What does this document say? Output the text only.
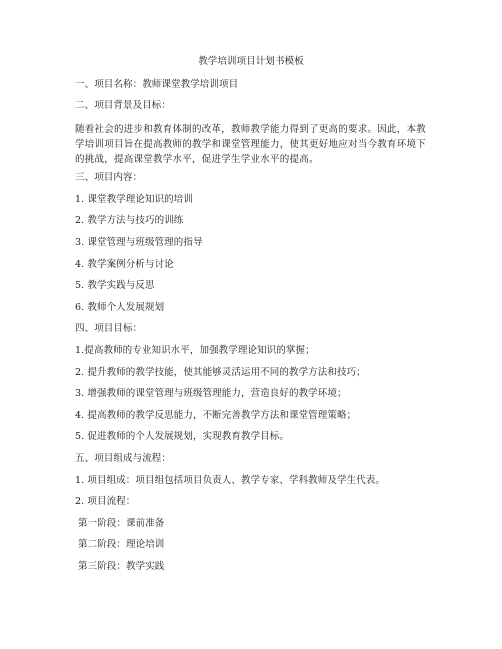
教学培训项目计划书模板
一、项目名称：教师课堂教学培训项目
二、项目背景及目标：
随着社会的进步和教育体制的改革，教师教学能力得到了更高的要求。因此，本教学培训项目旨在提高教师的教学和课堂管理能力，使其更好地应对当今教育环境下的挑战，提高课堂教学水平，促进学生学业水平的提高。
三、项目内容：
1. 课堂教学理论知识的培训
2. 教学方法与技巧的训练
3. 课堂管理与班级管理的指导
4. 教学案例分析与讨论
5. 教学实践与反思
6. 教师个人发展规划
四、项目目标：
1.提高教师的专业知识水平，加强教学理论知识的掌握；
2. 提升教师的教学技能，使其能够灵活运用不同的教学方法和技巧；
3. 增强教师的课堂管理与班级管理能力，营造良好的教学环境；
4. 提高教师的教学反思能力，不断完善教学方法和课堂管理策略；
5. 促进教师的个人发展规划，实现教育教学目标。
五、项目组成与流程：
1. 项目组成：项目组包括项目负责人、教学专家、学科教师及学生代表。
2. 项目流程：
第一阶段：课前准备
第二阶段：理论培训
第三阶段：教学实践
